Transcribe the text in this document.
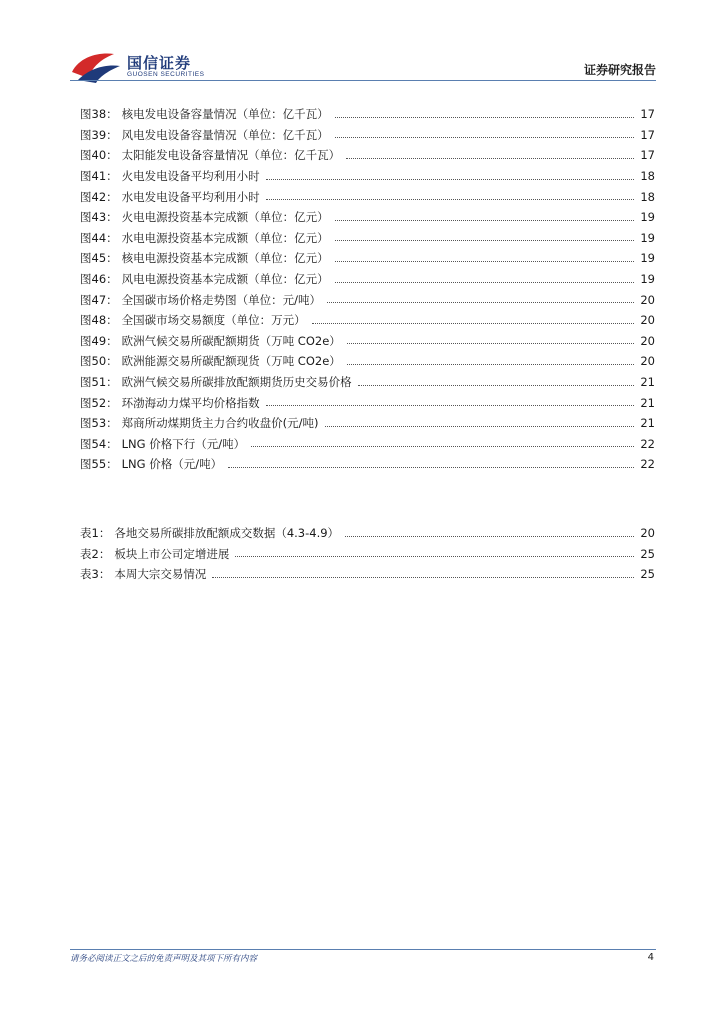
国信证券
GUOSEN SECURITIES	证券研究报告
图38： 核电发电设备容量情况（单位：亿千瓦）	17
图39： 风电发电设备容量情况（单位：亿千瓦）	17
图40： 太阳能发电设备容量情况（单位：亿千瓦）	17
图41： 火电发电设备平均利用小时	18
图42： 水电发电设备平均利用小时	18
图43： 火电电源投资基本完成额（单位：亿元）	19
图44： 水电电源投资基本完成额（单位：亿元）	19
图45： 核电电源投资基本完成额（单位：亿元）	19
图46： 风电电源投资基本完成额（单位：亿元）	19
图47： 全国碳市场价格走势图（单位：元/吨）	20
图48： 全国碳市场交易额度（单位：万元）	20
图49： 欧洲气候交易所碳配额期货（万吨 CO2e）	20
图50： 欧洲能源交易所碳配额现货（万吨 CO2e）	20
图51： 欧洲气候交易所碳排放配额期货历史交易价格	21
图52： 环渤海动力煤平均价格指数	21
图53： 郑商所动煤期货主力合约收盘价(元/吨)	21
图54： LNG 价格下行（元/吨）	22
图55： LNG 价格（元/吨）	22
表1： 各地交易所碳排放配额成交数据（4.3-4.9）	20
表2： 板块上市公司定增进展	25
表3： 本周大宗交易情况	25
请务必阅读正文之后的免责声明及其项下所有内容	4
